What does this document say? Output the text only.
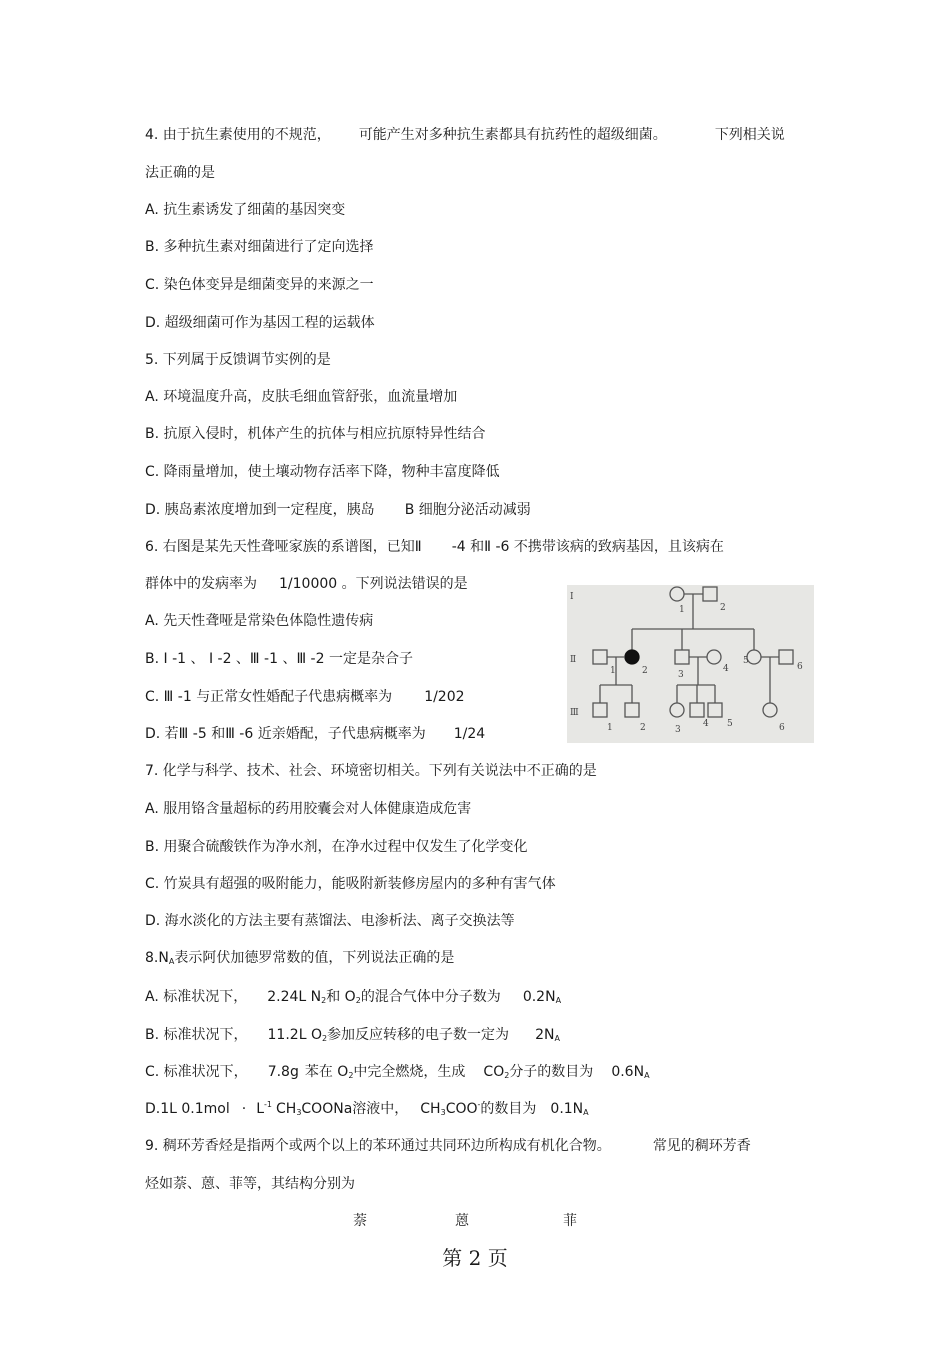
4. 由于抗生素使用的不规范， 可能产生对多种抗生素都具有抗药性的超级细菌。	下列相关说
法正确的是
A. 抗生素诱发了细菌的基因突变
B. 多种抗生素对细菌进行了定向选择
C. 染色体变异是细菌变异的来源之一
D. 超级细菌可作为基因工程的运载体
5. 下列属于反馈调节实例的是
A. 环境温度升高，皮肤毛细血管舒张，血流量增加
B. 抗原入侵时，机体产生的抗体与相应抗原特异性结合
C. 降雨量增加，使土壤动物存活率下降，物种丰富度降低
D. 胰岛素浓度增加到一定程度，胰岛 B 细胞分泌活动减弱
6. 右图是某先天性聋哑家族的系谱图，已知Ⅱ -4 和Ⅱ -6 不携带该病的致病基因，且该病在
群体中的发病率为 1/10000 。下列说法错误的是
A. 先天性聋哑是常染色体隐性遗传病
B. Ⅰ -1 、 Ⅰ -2 、Ⅲ -1 、Ⅲ -2 一定是杂合子
C. Ⅲ -1 与正常女性婚配子代患病概率为 1/202
D. 若Ⅲ -5 和Ⅲ -6 近亲婚配，子代患病概率为 1/24
Ⅰ
Ⅱ
Ⅲ
1	2
1	2	3
4
5
6
1	2	3
4 5	6
7. 化学与科学、技术、社会、环境密切相关。下列有关说法中不正确的是
A. 服用铬含量超标的药用胶囊会对人体健康造成危害
B. 用聚合硫酸铁作为净水剂，在净水过程中仅发生了化学变化
C. 竹炭具有超强的吸附能力，能吸附新装修房屋内的多种有害气体
D. 海水淡化的方法主要有蒸馏法、电渗析法、离子交换法等
8.NA表示阿伏加德罗常数的值，下列说法正确的是
A. 标准状况下， 2.24L N2和 O2的混合气体中分子数为 0.2NA
B. 标准状况下， 11.2L O2参加反应转移的电子数一定为 2NA
C. 标准状况下， 7.8g 苯在 O2中完全燃烧，生成 CO2分子的数目为 0.6NA
D.1L $0.1mol \cdot L^{-1}$ CH3COONa溶液中， CH3COO-的数目为 0.1NA
9. 稠环芳香烃是指两个或两个以上的苯环通过共同环边所构成有机化合物。	常见的稠环芳香
烃如萘、蒽、菲等，其结构分别为
萘	蒽	菲
第 2 页
